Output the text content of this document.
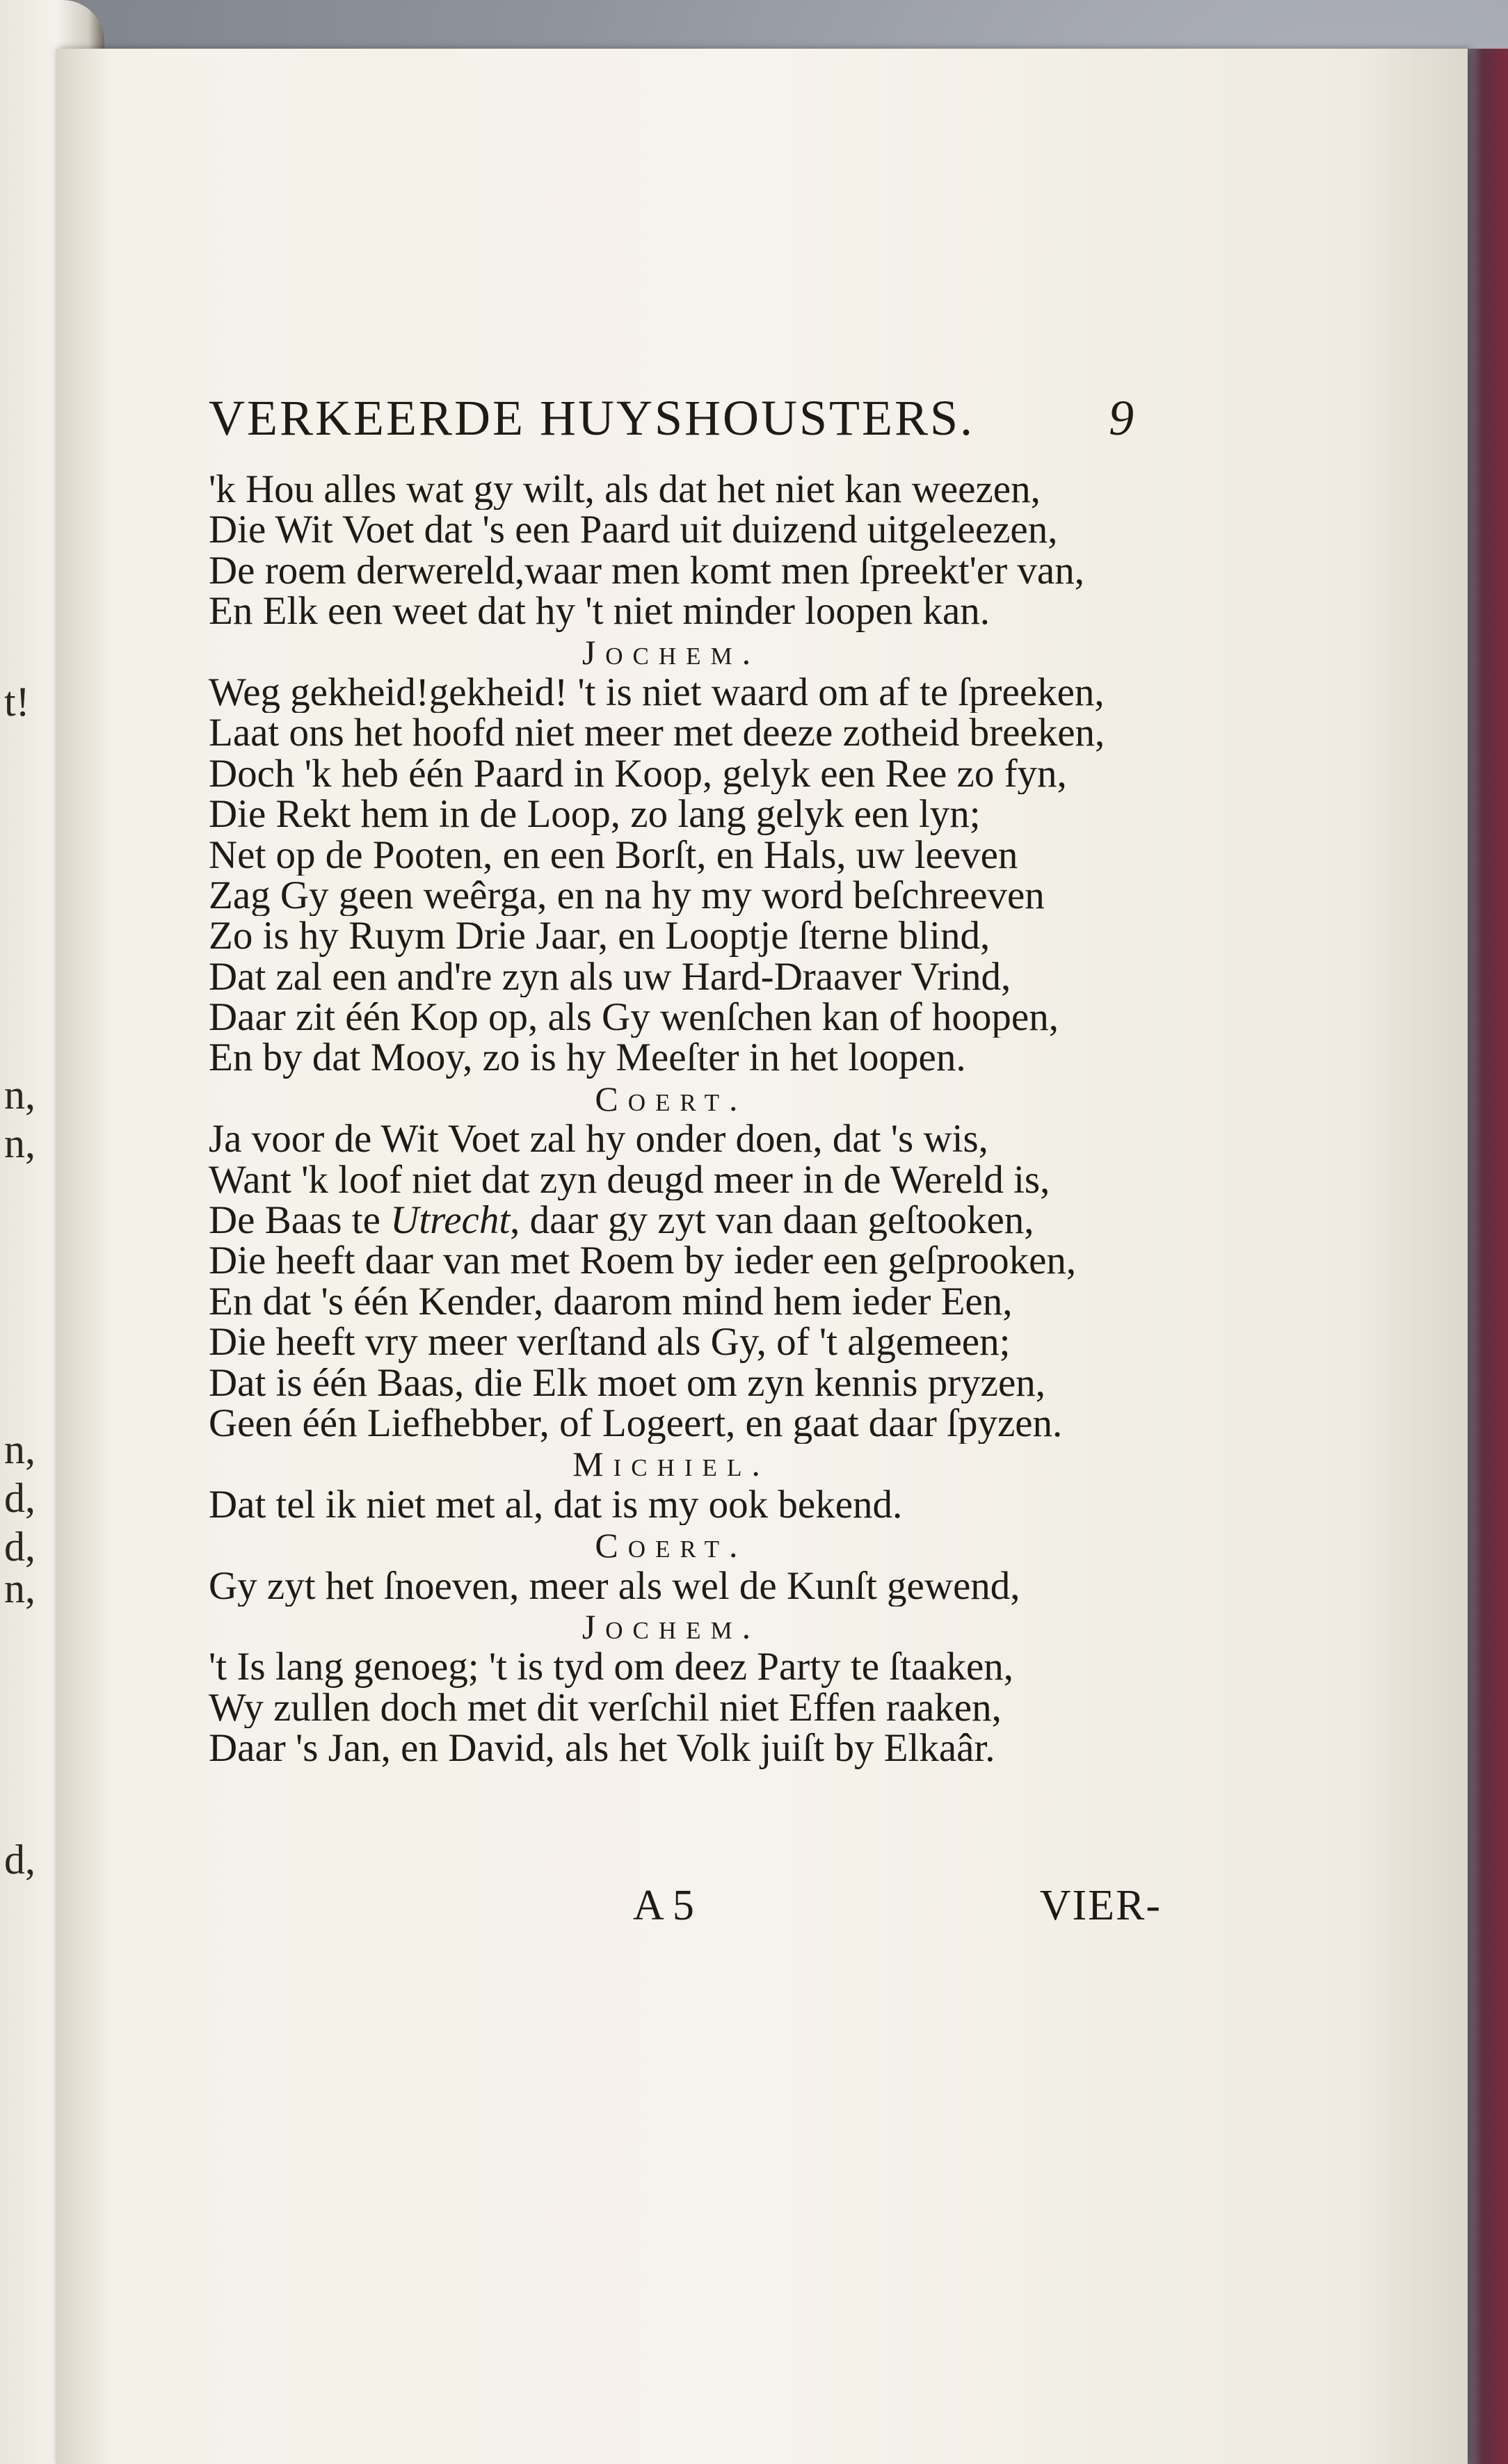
t!
n,
n,
n,
d,
d,
n,
d,
VERKEERDE HUYSHOUSTERS.	9
'k Hou alles wat gy wilt, als dat het niet kan weezen,
Die Wit Voet dat 's een Paard uit duizend uitgeleezen,
De roem derwereld,waar men komt men ſpreekt'er van,
En Elk een weet dat hy 't niet minder loopen kan.
Jochem.
Weg gekheid!gekheid! 't is niet waard om af te ſpreeken,
Laat ons het hoofd niet meer met deeze zotheid breeken,
Doch 'k heb één Paard in Koop, gelyk een Ree zo fyn,
Die Rekt hem in de Loop, zo lang gelyk een lyn;
Net op de Pooten, en een Borſt, en Hals, uw leeven
Zag Gy geen weêrga, en na hy my word beſchreeven
Zo is hy Ruym Drie Jaar, en Looptje ſterne blind,
Dat zal een and're zyn als uw Hard-Draaver Vrind,
Daar zit één Kop op, als Gy wenſchen kan of hoopen,
En by dat Mooy, zo is hy Meeſter in het loopen.
Coert.
Ja voor de Wit Voet zal hy onder doen, dat 's wis,
Want 'k loof niet dat zyn deugd meer in de Wereld is,
De Baas te Utrecht, daar gy zyt van daan geſtooken,
Die heeft daar van met Roem by ieder een geſprooken,
En dat 's één Kender, daarom mind hem ieder Een,
Die heeft vry meer verſtand als Gy, of 't algemeen;
Dat is één Baas, die Elk moet om zyn kennis pryzen,
Geen één Liefhebber, of Logeert, en gaat daar ſpyzen.
Michiel.
Dat tel ik niet met al, dat is my ook bekend.
Coert.
Gy zyt het ſnoeven, meer als wel de Kunſt gewend,
Jochem.
't Is lang genoeg; 't is tyd om deez Party te ſtaaken,
Wy zullen doch met dit verſchil niet Effen raaken,
Daar 's Jan, en David, als het Volk juiſt by Elkaâr.
A 5	VIER-
